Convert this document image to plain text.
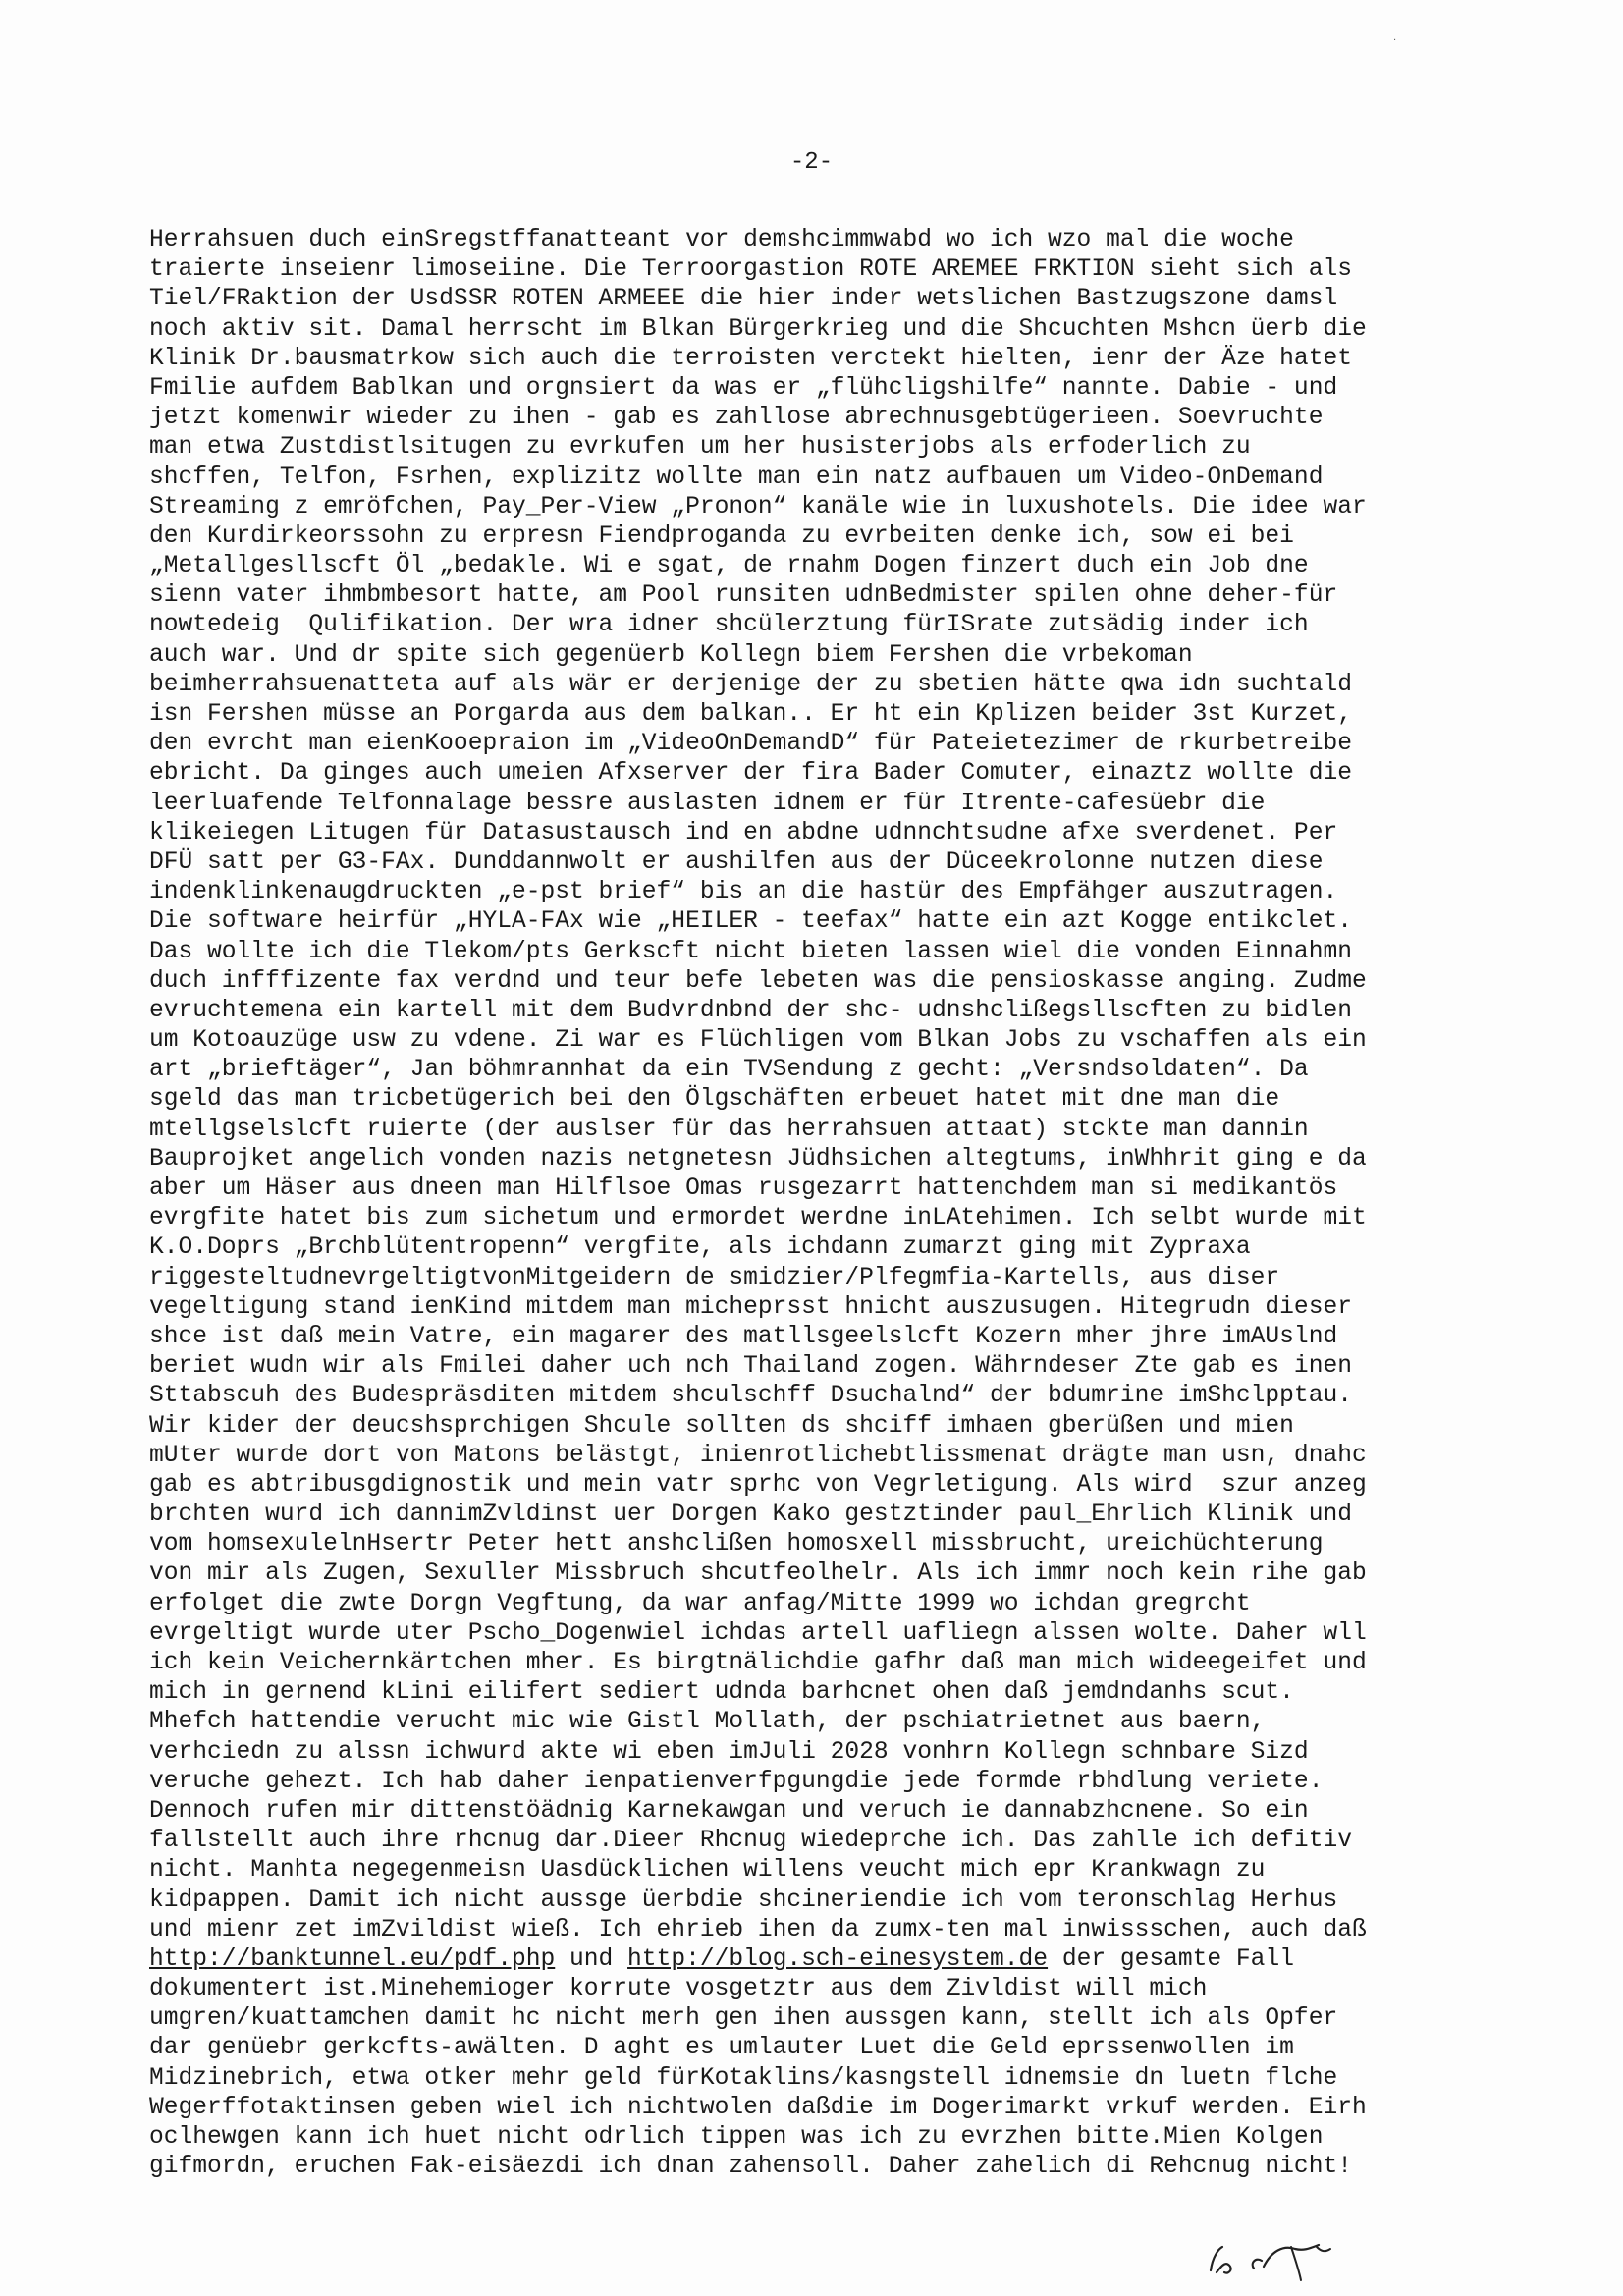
·
-2-
Herrahsuen duch einSregstffanatteant vor demshcimmwabd wo ich wzo mal die woche
traierte inseienr limoseiine. Die Terroorgastion ROTE AREMEE FRKTION sieht sich als
Tiel/FRaktion der UsdSSR ROTEN ARMEEE die hier inder wetslichen Bastzugszone damsl
noch aktiv sit. Damal herrscht im Blkan Bürgerkrieg und die Shcuchten Mshcn üerb die
Klinik Dr.bausmatrkow sich auch die terroisten verctekt hielten, ienr der Äze hatet
Fmilie aufdem Bablkan und orgnsiert da was er „flühcligshilfe“ nannte. Dabie - und
jetzt komenwir wieder zu ihen - gab es zahllose abrechnusgebtügerieen. Soevruchte
man etwa Zustdistlsitugen zu evrkufen um her husisterjobs als erfoderlich zu
shcffen, Telfon, Fsrhen, explizitz wollte man ein natz aufbauen um Video-OnDemand
Streaming z emröfchen, Pay_Per-View „Pronon“ kanäle wie in luxushotels. Die idee war
den Kurdirkeorssohn zu erpresn Fiendproganda zu evrbeiten denke ich, sow ei bei
„Metallgesllscft Öl „bedakle. Wi e sgat, de rnahm Dogen finzert duch ein Job dne
sienn vater ihmbmbesort hatte, am Pool runsiten udnBedmister spilen ohne deher-für
nowtedeig  Qulifikation. Der wra idner shcülerztung fürISrate zutsädig inder ich
auch war. Und dr spite sich gegenüerb Kollegn biem Fershen die vrbekoman
beimherrahsuenatteta auf als wär er derjenige der zu sbetien hätte qwa idn suchtald
isn Fershen müsse an Porgarda aus dem balkan.. Er ht ein Kplizen beider 3st Kurzet,
den evrcht man eienKooepraion im „VideoOnDemandD“ für Pateietezimer de rkurbetreibe
ebricht. Da ginges auch umeien Afxserver der fira Bader Comuter, einaztz wollte die
leerluafende Telfonnalage bessre auslasten idnem er für Itrente-cafesüebr die
klikeiegen Litugen für Datasustausch ind en abdne udnnchtsudne afxe sverdenet. Per
DFÜ satt per G3-FAx. Dunddannwolt er aushilfen aus der Düceekrolonne nutzen diese
indenklinkenaugdruckten „e-pst brief“ bis an die hastür des Empfähger auszutragen.
Die software heirfür „HYLA-FAx wie „HEILER - teefax“ hatte ein azt Kogge entikclet.
Das wollte ich die Tlekom/pts Gerkscft nicht bieten lassen wiel die vonden Einnahmn
duch infffizente fax verdnd und teur befe lebeten was die pensioskasse anging. Zudme
evruchtemena ein kartell mit dem Budvrdnbnd der shc- udnshclißegsllscften zu bidlen
um Kotoauzüge usw zu vdene. Zi war es Flüchligen vom Blkan Jobs zu vschaffen als ein
art „brieftäger“, Jan böhmrannhat da ein TVSendung z gecht: „Versndsoldaten“. Da
sgeld das man tricbetügerich bei den Ölgschäften erbeuet hatet mit dne man die
mtellgselslcft ruierte (der auslser für das herrahsuen attaat) stckte man dannin
Bauprojket angelich vonden nazis netgnetesn Jüdhsichen altegtums, inWhhrit ging e da
aber um Häser aus dneen man Hilflsoe Omas rusgezarrt hattenchdem man si medikantös
evrgfite hatet bis zum sichetum und ermordet werdne inLAtehimen. Ich selbt wurde mit
K.O.Doprs „Brchblütentropenn“ vergfite, als ichdann zumarzt ging mit Zypraxa
riggesteltudnevrgeltigtvonMitgeidern de smidzier/Plfegmfia-Kartells, aus diser
vegeltigung stand ienKind mitdem man micheprsst hnicht auszusugen. Hitegrudn dieser
shce ist daß mein Vatre, ein magarer des matllsgeelslcft Kozern mher jhre imAUslnd
beriet wudn wir als Fmilei daher uch nch Thailand zogen. Währndeser Zte gab es inen
Sttabscuh des Budespräsditen mitdem shculschff Dsuchalnd“ der bdumrine imShclpptau.
Wir kider der deucshsprchigen Shcule sollten ds shciff imhaen gberüßen und mien
mUter wurde dort von Matons belästgt, inienrotlichebtlissmenat drägte man usn, dnahc
gab es abtribusgdignostik und mein vatr sprhc von Vegrletigung. Als wird  szur anzeg
brchten wurd ich dannimZvldinst uer Dorgen Kako gestztinder paul_Ehrlich Klinik und
vom homsexulelnHsertr Peter hett anshclißen homosxell missbrucht, ureichüchterung
von mir als Zugen, Sexuller Missbruch shcutfeolhelr. Als ich immr noch kein rihe gab
erfolget die zwte Dorgn Vegftung, da war anfag/Mitte 1999 wo ichdan gregrcht
evrgeltigt wurde uter Pscho_Dogenwiel ichdas artell uafliegn alssen wolte. Daher wll
ich kein Veichernkärtchen mher. Es birgtnälichdie gafhr daß man mich wideegeifet und
mich in gernend kLini eilifert sediert udnda barhcnet ohen daß jemdndanhs scut.
Mhefch hattendie verucht mic wie Gistl Mollath, der pschiatrietnet aus baern,
verhciedn zu alssn ichwurd akte wi eben imJuli 2028 vonhrn Kollegn schnbare Sizd
veruche gehezt. Ich hab daher ienpatienverfpgungdie jede formde rbhdlung veriete.
Dennoch rufen mir dittenstöädnig Karnekawgan und veruch ie dannabzhcnene. So ein
fallstellt auch ihre rhcnug dar.Dieer Rhcnug wiedeprche ich. Das zahlle ich defitiv
nicht. Manhta negegenmeisn Uasdücklichen willens veucht mich epr Krankwagn zu
kidpappen. Damit ich nicht aussge üerbdie shcineriendie ich vom teronschlag Herhus
und mienr zet imZvildist wieß. Ich ehrieb ihen da zumx-ten mal inwissschen, auch daß
http://banktunnel.eu/pdf.php und http://blog.sch-einesystem.de der gesamte Fall
dokumentert ist.Minehemioger korrute vosgetztr aus dem Zivldist will mich
umgren/kuattamchen damit hc nicht merh gen ihen aussgen kann, stellt ich als Opfer
dar genüebr gerkcfts-awälten. D aght es umlauter Luet die Geld eprssenwollen im
Midzinebrich, etwa otker mehr geld fürKotaklins/kasngstell idnemsie dn luetn flche
Wegerffotaktinsen geben wiel ich nichtwolen daßdie im Dogerimarkt vrkuf werden. Eirh
oclhewgen kann ich huet nicht odrlich tippen was ich zu evrzhen bitte.Mien Kolgen
gifmordn, eruchen Fak-eisäezdi ich dnan zahensoll. Daher zahelich di Rehcnug nicht!
